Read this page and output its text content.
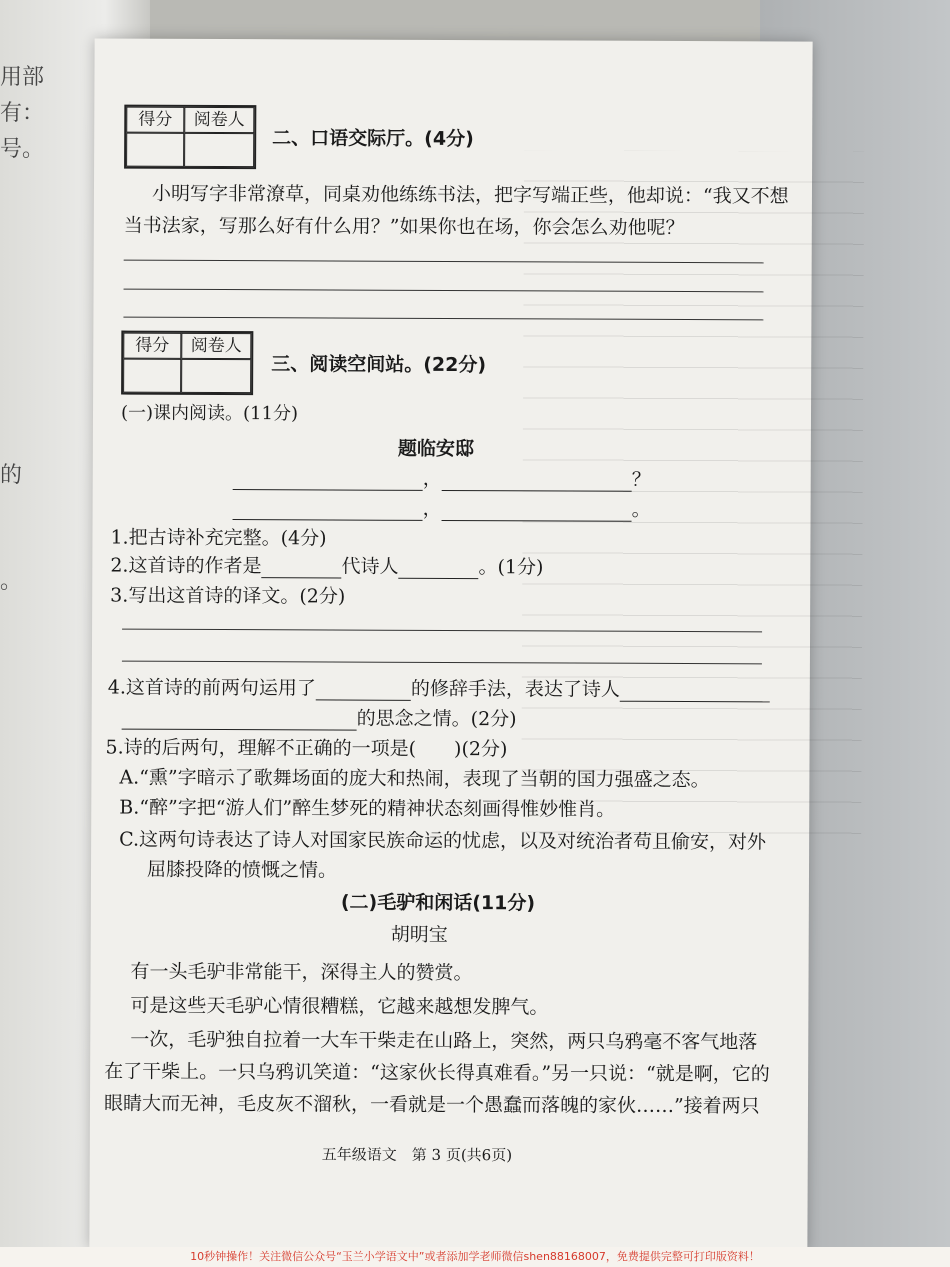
用部
有：
号。
的
。
得分	阅卷人
二、口语交际厅。(4分)
小明写字非常潦草，同桌劝他练练书法，把字写端正些，他却说：“我又不想
当书法家，写那么好有什么用？”如果你也在场，你会怎么劝他呢？
得分	阅卷人
三、阅读空间站。(22分)
(一)课内阅读。(11分)
题临安邸
，	？
，	。
1.把古诗补充完整。(4分)
2.这首诗的作者是	代诗人	。(1分)
3.写出这首诗的译文。(2分)
4.这首诗的前两句运用了	的修辞手法，表达了诗人
的思念之情。(2分)
5.诗的后两句，理解不正确的一项是(　　)(2分)
A.“熏”字暗示了歌舞场面的庞大和热闹，表现了当朝的国力强盛之态。
B.“醉”字把“游人们”醉生梦死的精神状态刻画得惟妙惟肖。
C.这两句诗表达了诗人对国家民族命运的忧虑，以及对统治者苟且偷安，对外
屈膝投降的愤慨之情。
(二)毛驴和闲话(11分)
胡明宝
有一头毛驴非常能干，深得主人的赞赏。
可是这些天毛驴心情很糟糕，它越来越想发脾气。
一次，毛驴独自拉着一大车干柴走在山路上，突然，两只乌鸦毫不客气地落
在了干柴上。一只乌鸦讥笑道：“这家伙长得真难看。”另一只说：“就是啊，它的
眼睛大而无神，毛皮灰不溜秋，一看就是一个愚蠢而落魄的家伙……”接着两只
五年级语文　第 3 页(共6页)
10秒钟操作！关注微信公众号“玉兰小学语文中”或者添加学老师微信shen88168007，免费提供完整可打印版资料！
